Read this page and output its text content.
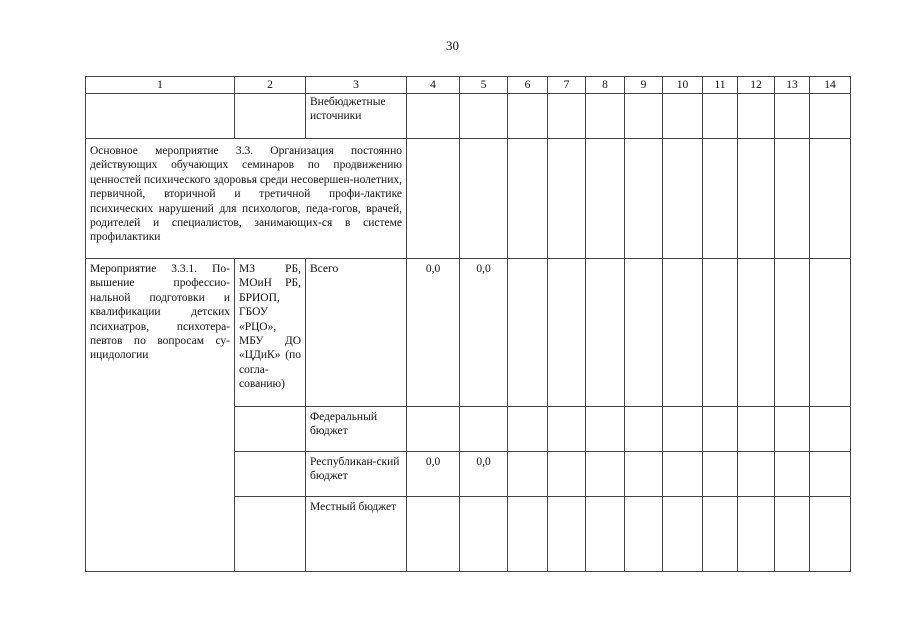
30
1	2	3	4	5	6	7	8	9	10	11	12	13	14
		Внебюджетные источники											
Основное мероприятие 3.3. Организация постоянно действующих обучающих семинаров по продвижению ценностей психического здоровья среди несовершен-нолетних, первичной, вторичной и третичной профи-лактике психических нарушений для психологов, педа-гогов, врачей, родителей и специалистов, занимающих-ся в системе профилактики													
Мероприятие 3.3.1. По-вышение профессио-нальной подготовки и квалификации детских психиатров, психотера-певтов по вопросам су-ицидологии	МЗ РБ, МОиН РБ, БРИОП, ГБОУ «РЦО», МБУ ДО «ЦДиК» (по согла-сованию)	Всего	0,0	0,0									
		Федеральный бюджет											
		Республикан-ский бюджет	0,0	0,0									
		Местный бюджет											
